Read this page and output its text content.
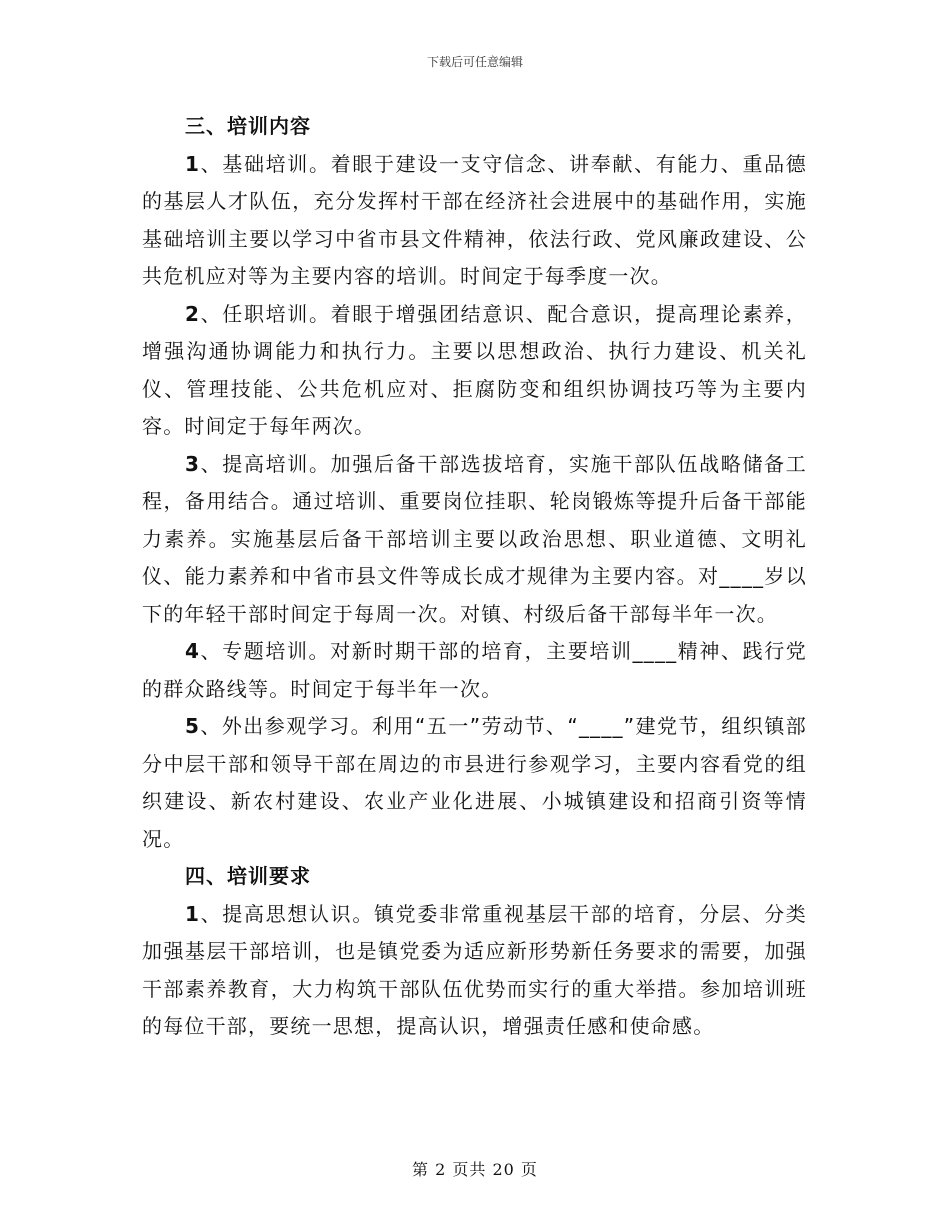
下载后可任意编辑
三、培训内容

1、基础培训。着眼于建设一支守信念、讲奉献、有能力、重品德的基层人才队伍，充分发挥村干部在经济社会进展中的基础作用，实施基础培训主要以学习中省市县文件精神，依法行政、党风廉政建设、公共危机应对等为主要内容的培训。时间定于每季度一次。

2、任职培训。着眼于增强团结意识、配合意识，提高理论素养，增强沟通协调能力和执行力。主要以思想政治、执行力建设、机关礼仪、管理技能、公共危机应对、拒腐防变和组织协调技巧等为主要内容。时间定于每年两次。

3、提高培训。加强后备干部选拔培育，实施干部队伍战略储备工程，备用结合。通过培训、重要岗位挂职、轮岗锻炼等提升后备干部能力素养。实施基层后备干部培训主要以政治思想、职业道德、文明礼仪、能力素养和中省市县文件等成长成才规律为主要内容。对____岁以下的年轻干部时间定于每周一次。对镇、村级后备干部每半年一次。

4、专题培训。对新时期干部的培育，主要培训____精神、践行党的群众路线等。时间定于每半年一次。

5、外出参观学习。利用“五一”劳动节、“____”建党节，组织镇部分中层干部和领导干部在周边的市县进行参观学习，主要内容看党的组织建设、新农村建设、农业产业化进展、小城镇建设和招商引资等情况。

四、培训要求

1、提高思想认识。镇党委非常重视基层干部的培育，分层、分类加强基层干部培训，也是镇党委为适应新形势新任务要求的需要，加强干部素养教育，大力构筑干部队伍优势而实行的重大举措。参加培训班的每位干部，要统一思想，提高认识，增强责任感和使命感。

第 2 页共 20 页
